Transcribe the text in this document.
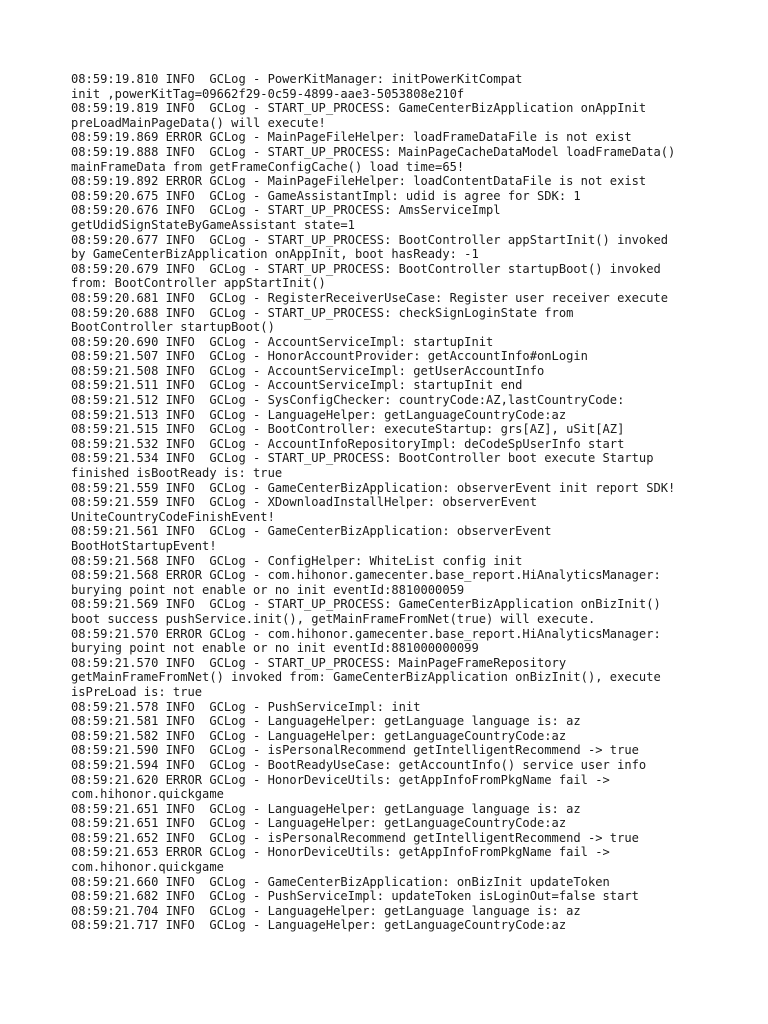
08:59:19.810 INFO  GCLog - PowerKitManager: initPowerKitCompat
init ,powerKitTag=09662f29-0c59-4899-aae3-5053808e210f
08:59:19.819 INFO  GCLog - START_UP_PROCESS: GameCenterBizApplication onAppInit
preLoadMainPageData() will execute!
08:59:19.869 ERROR GCLog - MainPageFileHelper: loadFrameDataFile is not exist
08:59:19.888 INFO  GCLog - START_UP_PROCESS: MainPageCacheDataModel loadFrameData()
mainFrameData from getFrameConfigCache() load time=65!
08:59:19.892 ERROR GCLog - MainPageFileHelper: loadContentDataFile is not exist
08:59:20.675 INFO  GCLog - GameAssistantImpl: udid is agree for SDK: 1
08:59:20.676 INFO  GCLog - START_UP_PROCESS: AmsServiceImpl
getUdidSignStateByGameAssistant state=1
08:59:20.677 INFO  GCLog - START_UP_PROCESS: BootController appStartInit() invoked
by GameCenterBizApplication onAppInit, boot hasReady: -1
08:59:20.679 INFO  GCLog - START_UP_PROCESS: BootController startupBoot() invoked
from: BootController appStartInit()
08:59:20.681 INFO  GCLog - RegisterReceiverUseCase: Register user receiver execute
08:59:20.688 INFO  GCLog - START_UP_PROCESS: checkSignLoginState from
BootController startupBoot()
08:59:20.690 INFO  GCLog - AccountServiceImpl: startupInit
08:59:21.507 INFO  GCLog - HonorAccountProvider: getAccountInfo#onLogin
08:59:21.508 INFO  GCLog - AccountServiceImpl: getUserAccountInfo
08:59:21.511 INFO  GCLog - AccountServiceImpl: startupInit end
08:59:21.512 INFO  GCLog - SysConfigChecker: countryCode:AZ,lastCountryCode:
08:59:21.513 INFO  GCLog - LanguageHelper: getLanguageCountryCode:az
08:59:21.515 INFO  GCLog - BootController: executeStartup: grs[AZ], uSit[AZ]
08:59:21.532 INFO  GCLog - AccountInfoRepositoryImpl: deCodeSpUserInfo start
08:59:21.534 INFO  GCLog - START_UP_PROCESS: BootController boot execute Startup
finished isBootReady is: true
08:59:21.559 INFO  GCLog - GameCenterBizApplication: observerEvent init report SDK!
08:59:21.559 INFO  GCLog - XDownloadInstallHelper: observerEvent
UniteCountryCodeFinishEvent!
08:59:21.561 INFO  GCLog - GameCenterBizApplication: observerEvent
BootHotStartupEvent!
08:59:21.568 INFO  GCLog - ConfigHelper: WhiteList config init
08:59:21.568 ERROR GCLog - com.hihonor.gamecenter.base_report.HiAnalyticsManager:
burying point not enable or no init eventId:8810000059
08:59:21.569 INFO  GCLog - START_UP_PROCESS: GameCenterBizApplication onBizInit()
boot success pushService.init(), getMainFrameFromNet(true) will execute.
08:59:21.570 ERROR GCLog - com.hihonor.gamecenter.base_report.HiAnalyticsManager:
burying point not enable or no init eventId:881000000099
08:59:21.570 INFO  GCLog - START_UP_PROCESS: MainPageFrameRepository
getMainFrameFromNet() invoked from: GameCenterBizApplication onBizInit(), execute
isPreLoad is: true
08:59:21.578 INFO  GCLog - PushServiceImpl: init
08:59:21.581 INFO  GCLog - LanguageHelper: getLanguage language is: az
08:59:21.582 INFO  GCLog - LanguageHelper: getLanguageCountryCode:az
08:59:21.590 INFO  GCLog - isPersonalRecommend getIntelligentRecommend -> true
08:59:21.594 INFO  GCLog - BootReadyUseCase: getAccountInfo() service user info
08:59:21.620 ERROR GCLog - HonorDeviceUtils: getAppInfoFromPkgName fail ->
com.hihonor.quickgame
08:59:21.651 INFO  GCLog - LanguageHelper: getLanguage language is: az
08:59:21.651 INFO  GCLog - LanguageHelper: getLanguageCountryCode:az
08:59:21.652 INFO  GCLog - isPersonalRecommend getIntelligentRecommend -> true
08:59:21.653 ERROR GCLog - HonorDeviceUtils: getAppInfoFromPkgName fail ->
com.hihonor.quickgame
08:59:21.660 INFO  GCLog - GameCenterBizApplication: onBizInit updateToken
08:59:21.682 INFO  GCLog - PushServiceImpl: updateToken isLoginOut=false start
08:59:21.704 INFO  GCLog - LanguageHelper: getLanguage language is: az
08:59:21.717 INFO  GCLog - LanguageHelper: getLanguageCountryCode:az
